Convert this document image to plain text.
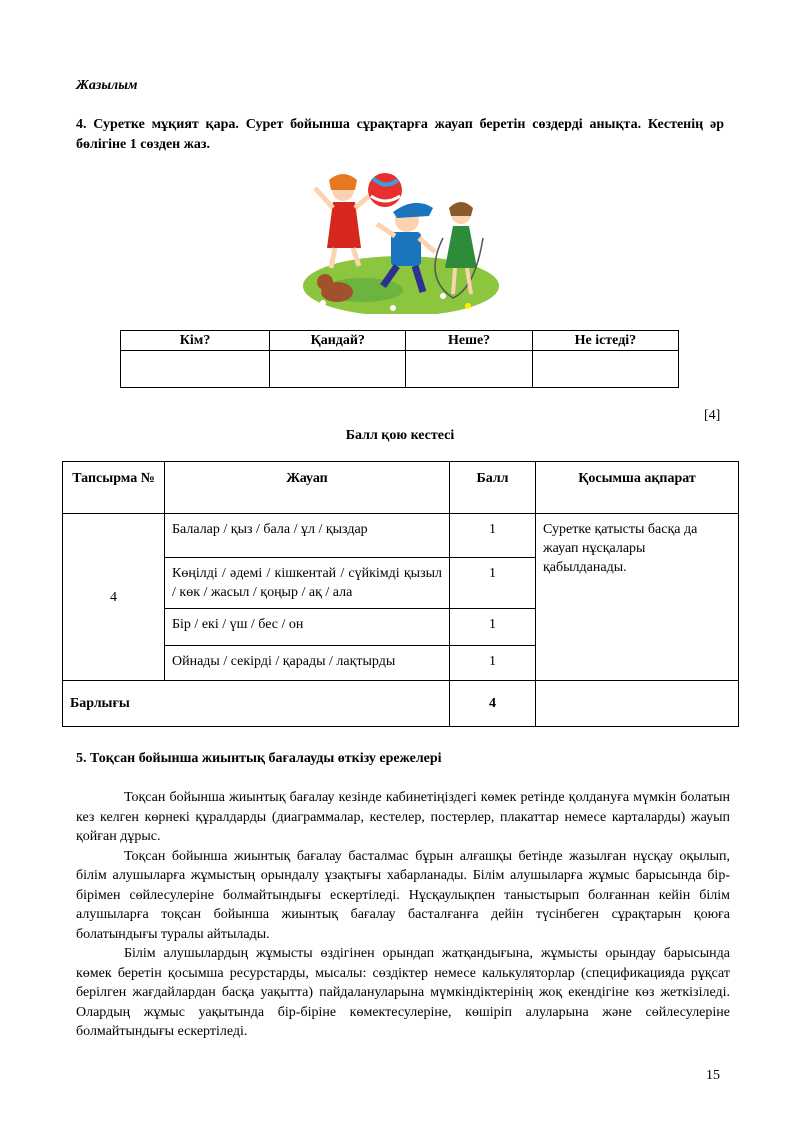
Жазылым
4. Суретке мұқият қара. Сурет бойынша сұрақтарға жауап беретін сөздерді анықта. Кестенің әр бөлігіне 1 сөзден жаз.
Кім?	Қандай?	Неше?	Не істеді?

[4]
Балл қою кестесі
Тапсырма №	Жауап	Балл	Қосымша ақпарат
4	Балалар / қыз / бала / ұл / қыздар	1	Суретке қатысты басқа да жауап нұсқалары қабылданады.
	Көңілді / әдемі / кішкентай / сүйкімді қызыл / көк / жасыл / қоңыр / ақ / ала	1	
	Бір / екі / үш / бес / он	1	
	Ойнады / секірді / қарады / лақтырды	1	
Барлығы		4	
5. Тоқсан бойынша жиынтық бағалауды өткізу ережелері

Тоқсан бойынша жиынтық бағалау кезінде кабинетіңіздегі көмек ретінде қолдануға мүмкін болатын кез келген көрнекі құралдарды (диаграммалар, кестелер, постерлер, плакаттар немесе карталарды) жауып қойған дұрыс.

Тоқсан бойынша жиынтық бағалау басталмас бұрын алғашқы бетінде жазылған нұсқау оқылып, білім алушыларға жұмыстың орындалу ұзақтығы хабарланады. Білім алушыларға жұмыс барысында бір-бірімен сөйлесулеріне болмайтындығы ескертіледі. Нұсқаулықпен таныстырып болғаннан кейін білім алушыларға тоқсан бойынша жиынтық бағалау басталғанға дейін түсінбеген сұрақтарын қоюға болатындығы туралы айтылады.

Білім алушылардың жұмысты өздігінен орындап жатқандығына, жұмысты орындау барысында көмек беретін қосымша ресурстарды, мысалы: сөздіктер немесе калькуляторлар (спецификацияда рұқсат берілген жағдайлардан басқа уақытта) пайдалануларына мүмкіндіктерінің жоқ екендігіне көз жеткізіледі. Олардың жұмыс уақытында бір-біріне көмектесулеріне, көшіріп алуларына және сөйлесулеріне болмайтындығы ескертіледі.

15
